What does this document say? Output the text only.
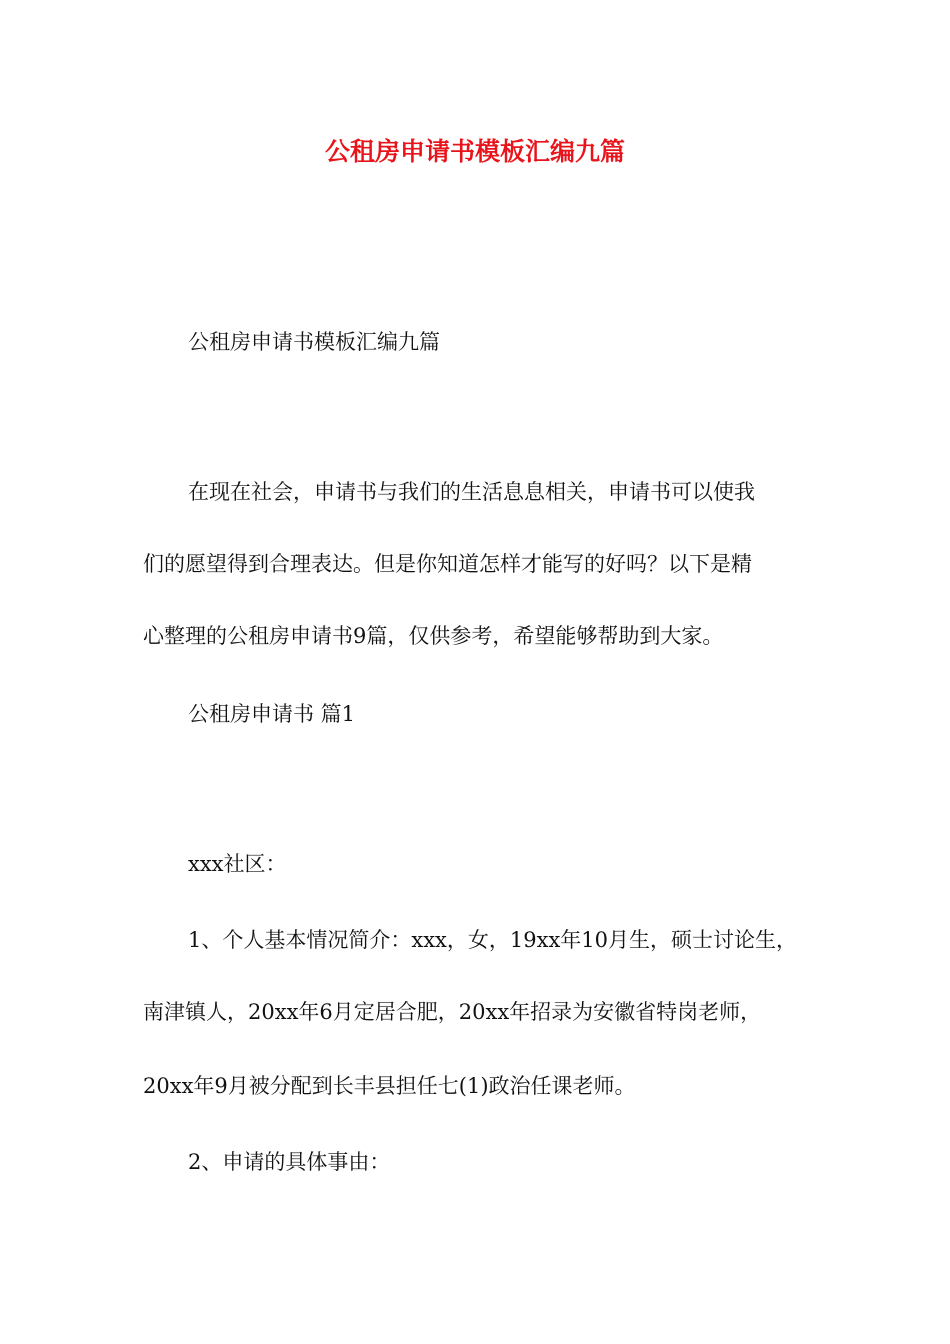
公租房申请书模板汇编九篇

公租房申请书模板汇编九篇

在现在社会，申请书与我们的生活息息相关，申请书可以使我

们的愿望得到合理表达。但是你知道怎样才能写的好吗？以下是精

心整理的公租房申请书9篇，仅供参考，希望能够帮助到大家。

公租房申请书 篇1

xxx社区：

1、个人基本情况简介：xxx，女，19xx年10月生，硕士讨论生，

南津镇人，20xx年6月定居合肥，20xx年招录为安徽省特岗老师，

20xx年9月被分配到长丰县担任七(1)政治任课老师。

2、申请的具体事由：
